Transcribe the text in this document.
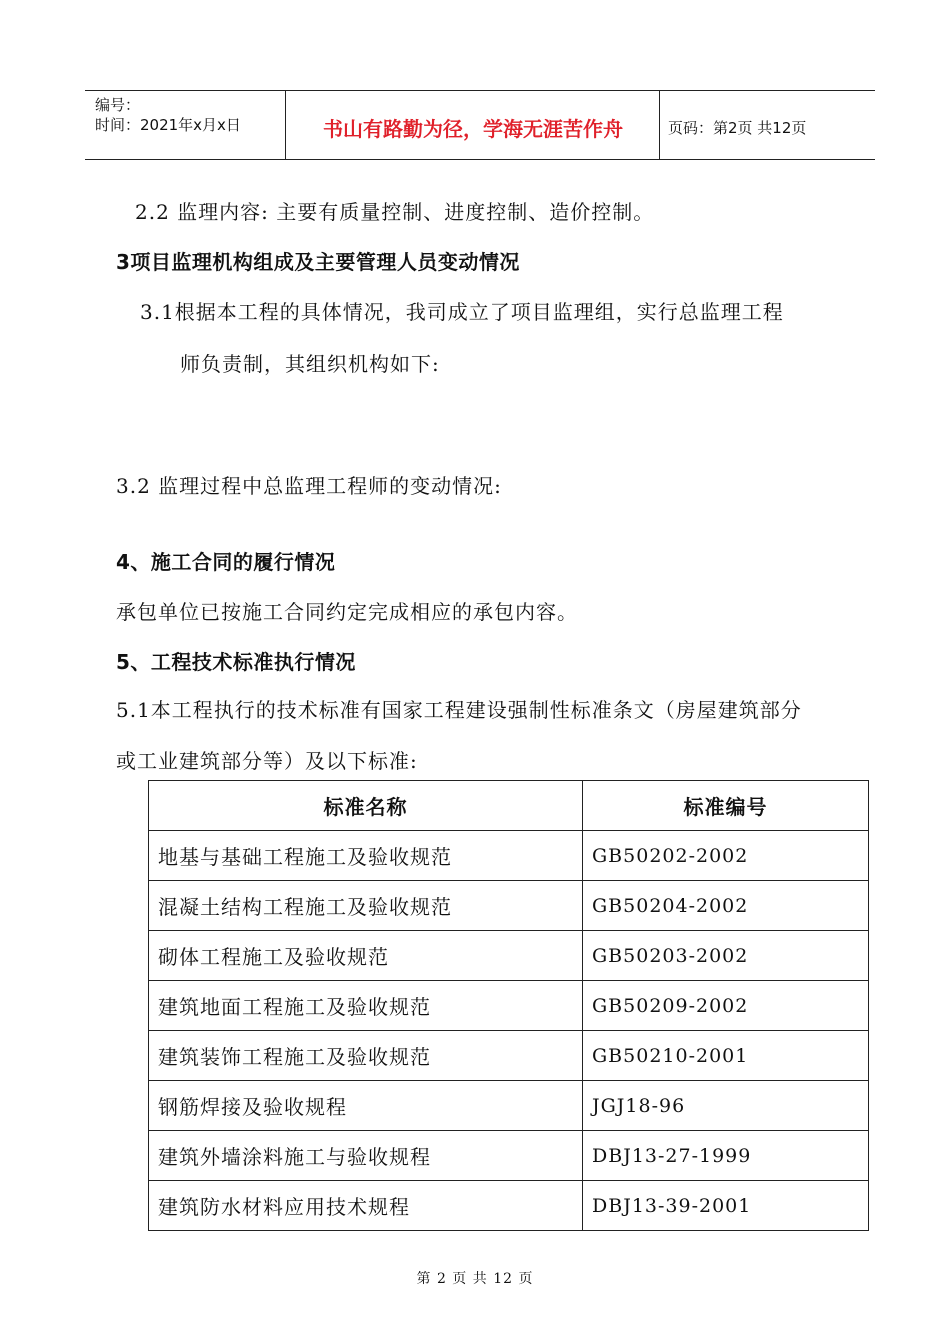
编号：
时间：2021年x月x日	书山有路勤为径，学海无涯苦作舟	页码：第2页 共12页
2.2 监理内容: 主要有质量控制、进度控制、造价控制。
3项目监理机构组成及主要管理人员变动情况
3.1根据本工程的具体情况，我司成立了项目监理组，实行总监理工程
师负责制，其组织机构如下:
3.2 监理过程中总监理工程师的变动情况:
4、施工合同的履行情况
承包单位已按施工合同约定完成相应的承包内容。
5、工程技术标准执行情况
5.1本工程执行的技术标准有国家工程建设强制性标准条文（房屋建筑部分
或工业建筑部分等）及以下标准:
标准名称	标准编号
地基与基础工程施工及验收规范	GB50202-2002
混凝土结构工程施工及验收规范	GB50204-2002
砌体工程施工及验收规范	GB50203-2002
建筑地面工程施工及验收规范	GB50209-2002
建筑装饰工程施工及验收规范	GB50210-2001
钢筋焊接及验收规程	JGJ18-96
建筑外墙涂料施工与验收规程	DBJ13-27-1999
建筑防水材料应用技术规程	DBJ13-39-2001
第 2 页 共 12 页
